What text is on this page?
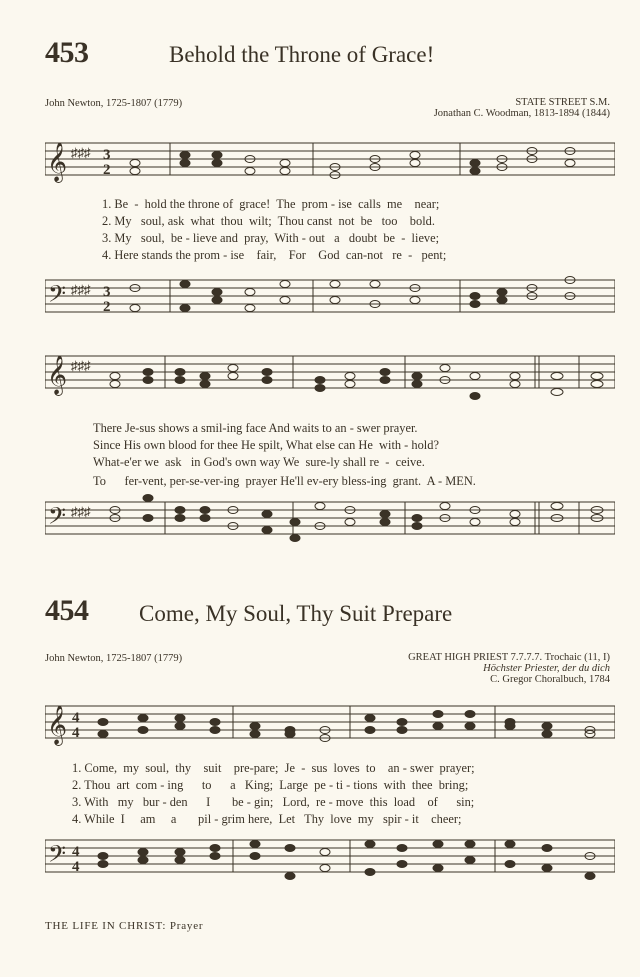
453	Behold the Throne of Grace!
John Newton, 1725-1807 (1779)	STATE STREET S.M.
Jonathan C. Woodman, 1813-1894 (1844)
𝄞 ♯♯♯ 3
2
1. Be  -  hold the throne of  grace!  The  prom - ise  calls  me    near;
2. My   soul, ask  what  thou  wilt;  Thou canst  not  be   too    bold.
3. My   soul,  be - lieve and  pray,  With - out   a   doubt  be  -  lieve;
4. Here stands the prom - ise    fair,    For    God  can-not   re  -   pent;
𝄢 ♯♯♯ 3
2
𝄞 ♯♯♯
There Je-sus shows a smil-ing face And waits to an - swer prayer.
Since His own blood for thee He spilt, What else can He  with - hold?
What-e'er we  ask   in God's own way We  sure-ly shall re  -  ceive.
To      fer-vent, per-se-ver-ing  prayer He'll ev-ery bless-ing  grant. A - MEN.
𝄢 ♯♯♯
454 Come, My Soul, Thy Suit Prepare
John Newton, 1725-1807 (1779)	GREAT HIGH PRIEST 7.7.7.7. Trochaic (11, I)
Höchster Priester, der du dich
C. Gregor Choralbuch, 1784
𝄞 4
4
1. Come,  my  soul,  thy    suit    pre-pare;  Je  -  sus  loves  to    an - swer  prayer;
2. Thou  art  com - ing      to      a   King;  Large  pe - ti - tions  with  thee  bring;
3. With   my   bur - den      I       be - gin;   Lord,  re - move  this  load    of      sin;
4. While  I     am     a       pil - grim here,  Let   Thy  love  my   spir - it    cheer;
𝄢 4
4
THE LIFE IN CHRIST: Prayer
